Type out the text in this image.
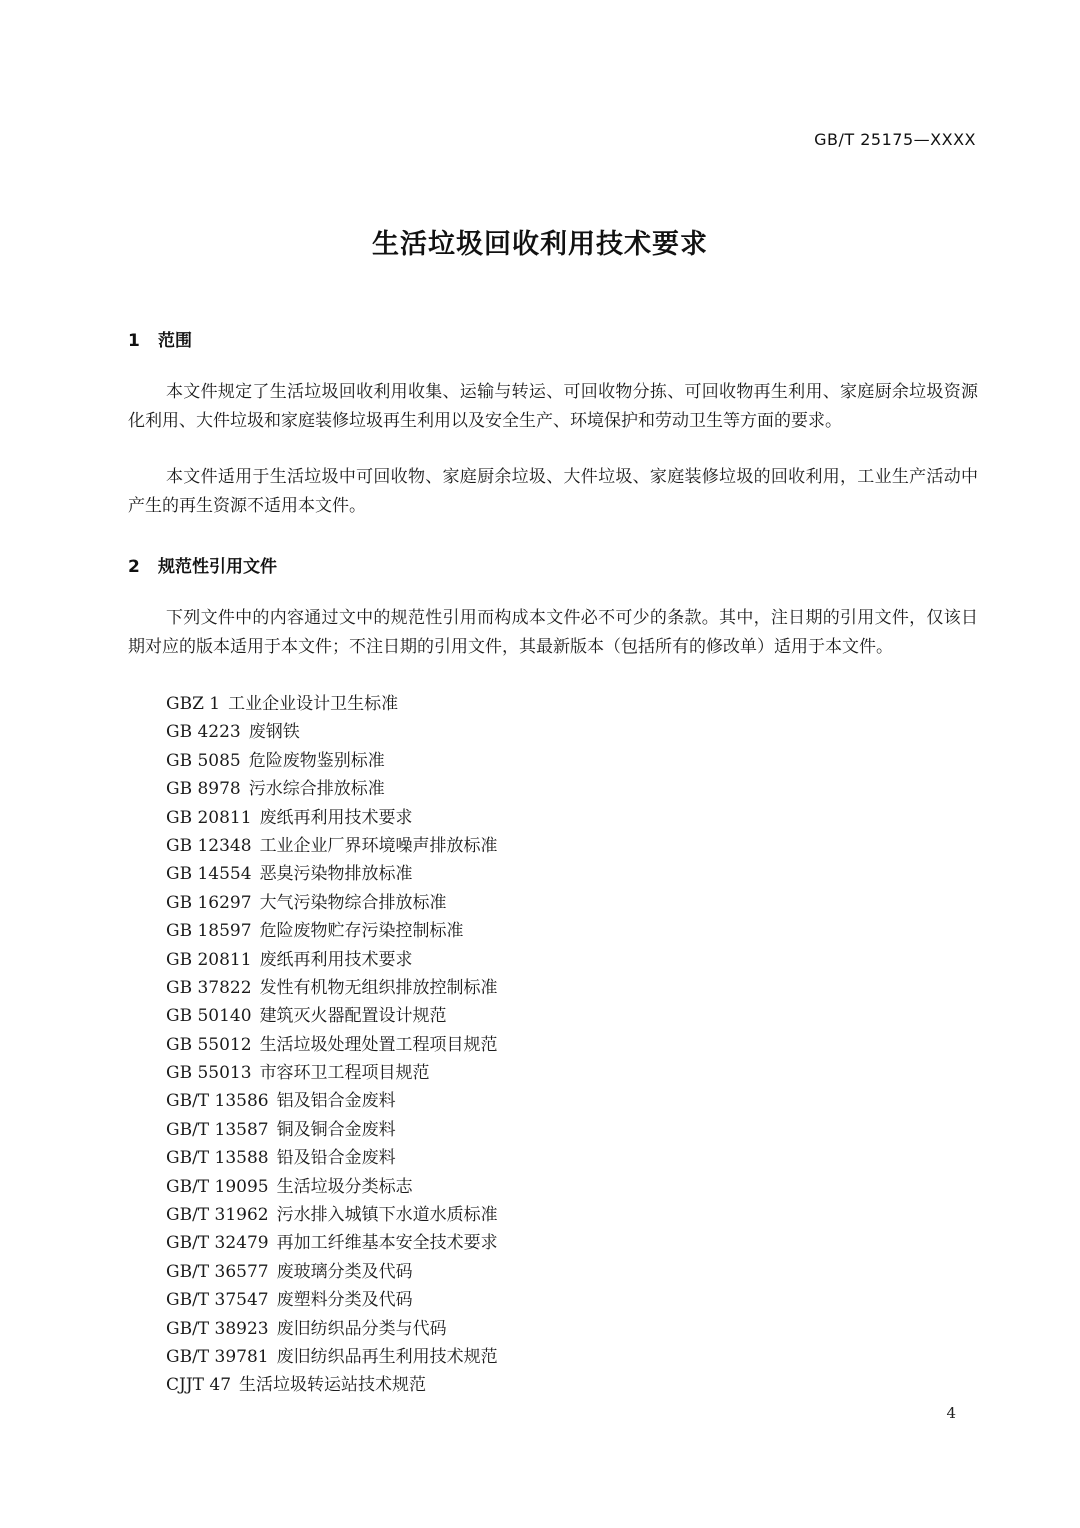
GB/T 25175—XXXX
生活垃圾回收利用技术要求
1 范围

本文件规定了生活垃圾回收利用收集、运输与转运、可回收物分拣、可回收物再生利用、家庭厨余垃圾资源化利用、大件垃圾和家庭装修垃圾再生利用以及安全生产、环境保护和劳动卫生等方面的要求。

本文件适用于生活垃圾中可回收物、家庭厨余垃圾、大件垃圾、家庭装修垃圾的回收利用，工业生产活动中产生的再生资源不适用本文件。

2 规范性引用文件

下列文件中的内容通过文中的规范性引用而构成本文件必不可少的条款。其中，注日期的引用文件，仅该日期对应的版本适用于本文件；不注日期的引用文件，其最新版本（包括所有的修改单）适用于本文件。

GBZ 1 工业企业设计卫生标准
GB 4223 废钢铁
GB 5085 危险废物鉴别标准
GB 8978 污水综合排放标准
GB 20811 废纸再利用技术要求
GB 12348 工业企业厂界环境噪声排放标准
GB 14554 恶臭污染物排放标准
GB 16297 大气污染物综合排放标准
GB 18597 危险废物贮存污染控制标准
GB 20811 废纸再利用技术要求
GB 37822 发性有机物无组织排放控制标准
GB 50140 建筑灭火器配置设计规范
GB 55012 生活垃圾处理处置工程项目规范
GB 55013 市容环卫工程项目规范
GB/T 13586 铝及铝合金废料
GB/T 13587 铜及铜合金废料
GB/T 13588 铅及铅合金废料
GB/T 19095 生活垃圾分类标志
GB/T 31962 污水排入城镇下水道水质标准
GB/T 32479 再加工纤维基本安全技术要求
GB/T 36577 废玻璃分类及代码
GB/T 37547 废塑料分类及代码
GB/T 38923 废旧纺织品分类与代码
GB/T 39781 废旧纺织品再生利用技术规范
CJJT 47 生活垃圾转运站技术规范
4
